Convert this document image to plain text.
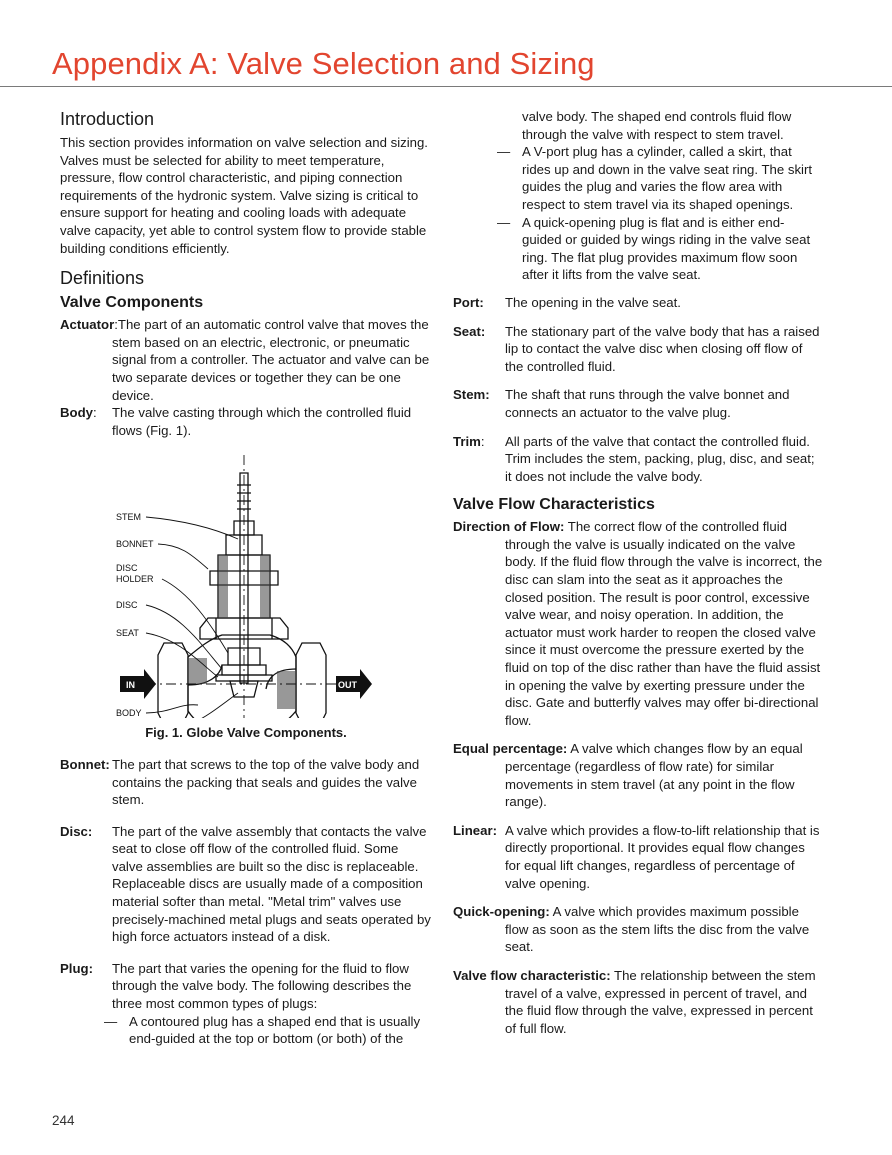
Appendix A: Valve Selection and Sizing
Introduction

This section provides information on valve selection and sizing. Valves must be selected for ability to meet temperature, pressure, flow control characteristic, and piping connection requirements of the hydronic system. Valve sizing is critical to ensure support for heating and cooling loads with adequate valve capacity, yet able to control system flow to provide stable building conditions efficiently.

Definitions
Valve Components
Actuator:The part of an automatic control valve that moves the stem based on an electric, electronic, or pneumatic signal from a controller. The actuator and valve can be two separate devices or together they can be one device.
Body: The valve casting through which the controlled fluid flows (Fig. 1).
IN	OUT
STEM
BONNET
DISC
HOLDER
DISC
SEAT
BODY

Fig. 1. Globe Valve Components.

Bonnet: The part that screws to the top of the valve body and contains the packing that seals and guides the valve stem.
Disc: The part of the valve assembly that contacts the valve seat to close off flow of the controlled fluid. Some valve assemblies are built so the disc is replaceable. Replaceable discs are usually made of a composition material softer than metal. "Metal trim" valves use precisely-machined metal plugs and seats operated by high force actuators instead of a disk.
Plug: The part that varies the opening for the fluid to flow through the valve body. The following describes the three most common types of plugs:
— A contoured plug has a shaped end that is usually end-guided at the top or bottom (or both) of the
valve body. The shaped end controls fluid flow through the valve with respect to stem travel.
— A V-port plug has a cylinder, called a skirt, that rides up and down in the valve seat ring. The skirt guides the plug and varies the flow area with respect to stem travel via its shaped openings.
— A quick-opening plug is flat and is either end-guided or guided by wings riding in the valve seat ring. The flat plug provides maximum flow soon after it lifts from the valve seat.
Port: The opening in the valve seat.
Seat: The stationary part of the valve body that has a raised lip to contact the valve disc when closing off flow of the controlled fluid.
Stem: The shaft that runs through the valve bonnet and connects an actuator to the valve plug.
Trim: All parts of the valve that contact the controlled fluid. Trim includes the stem, packing, plug, disc, and seat; it does not include the valve body.
Valve Flow Characteristics
Direction of Flow: The correct flow of the controlled fluid through the valve is usually indicated on the valve body. If the fluid flow through the valve is incorrect, the disc can slam into the seat as it approaches the closed position. The result is poor control, excessive valve wear, and noisy operation. In addition, the actuator must work harder to reopen the closed valve since it must overcome the pressure exerted by the fluid on top of the disc rather than have the fluid assist in opening the valve by exerting pressure under the disc. Gate and butterfly valves may offer bi-directional flow.
Equal percentage: A valve which changes flow by an equal percentage (regardless of flow rate) for similar movements in stem travel (at any point in the flow range).
Linear: A valve which provides a flow-to-lift relationship that is directly proportional. It provides equal flow changes for equal lift changes, regardless of percentage of valve opening.
Quick-opening: A valve which provides maximum possible flow as soon as the stem lifts the disc from the valve seat.
Valve flow characteristic: The relationship between the stem travel of a valve, expressed in percent of travel, and the fluid flow through the valve, expressed in percent of full flow.
244
